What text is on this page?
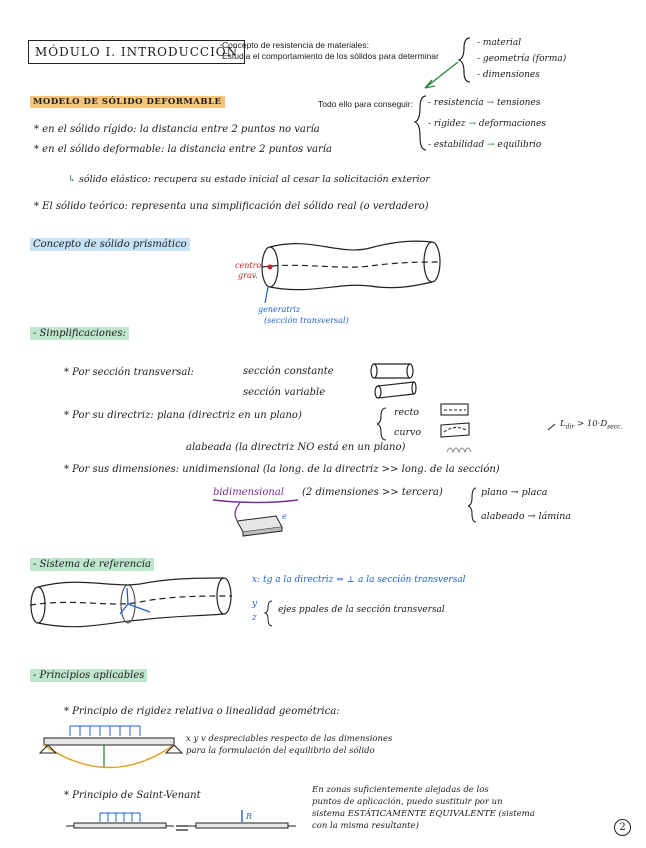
MÓDULO I. INTRODUCCIÓN
Concepto de resistencia de materiales:
Estudia el comportamiento de los sólidos para determinar
- material
- geometría (forma)
- dimensiones
Todo ello para conseguir: - resistencia → tensiones
- rigidez → deformaciones
- estabilidad → equilibrio
MODELO DE SÓLIDO DEFORMABLE
* en el sólido rígido: la distancia entre 2 puntos no varía
* en el sólido deformable: la distancia entre 2 puntos varía
↳ sólido elástico: recupera su estado inicial al cesar la solicitación exterior
* El sólido teórico: representa una simplificación del sólido real (o verdadero)
Concepto de sólido prismático
centro
grav.
generatriz
(sección transversal)
- Simplificaciones:
* Por sección transversal:	sección constante
sección variable
* Por su directriz: plana (directriz en un plano)	recto
curvo
$L_{dir} > 10\cdot D_{secc.}$
alabeada (la directriz NO está en un plano)
* Por sus dimensiones: unidimensional (la long. de la directriz >> long. de la sección)
bidimensional (2 dimensiones >> tercera)	plano → placa
alabeado → lámina
e
- Sistema de referencia
x: tg a la directriz ⇔ ⊥ a la sección transversal
y
z
ejes ppales de la sección transversal
- Principios aplicables
* Principio de rigidez relativa o linealidad geométrica:
x y v despreciables respecto de las dimensiones
para la formulación del equilibrio del sólido
* Principio de Saint-Venant	En zonas suficientemente alejadas de los
puntos de aplicación, puedo sustituir por un
sistema ESTÁTICAMENTE EQUIVALENTE (sistema
con la misma resultante)
R
2
